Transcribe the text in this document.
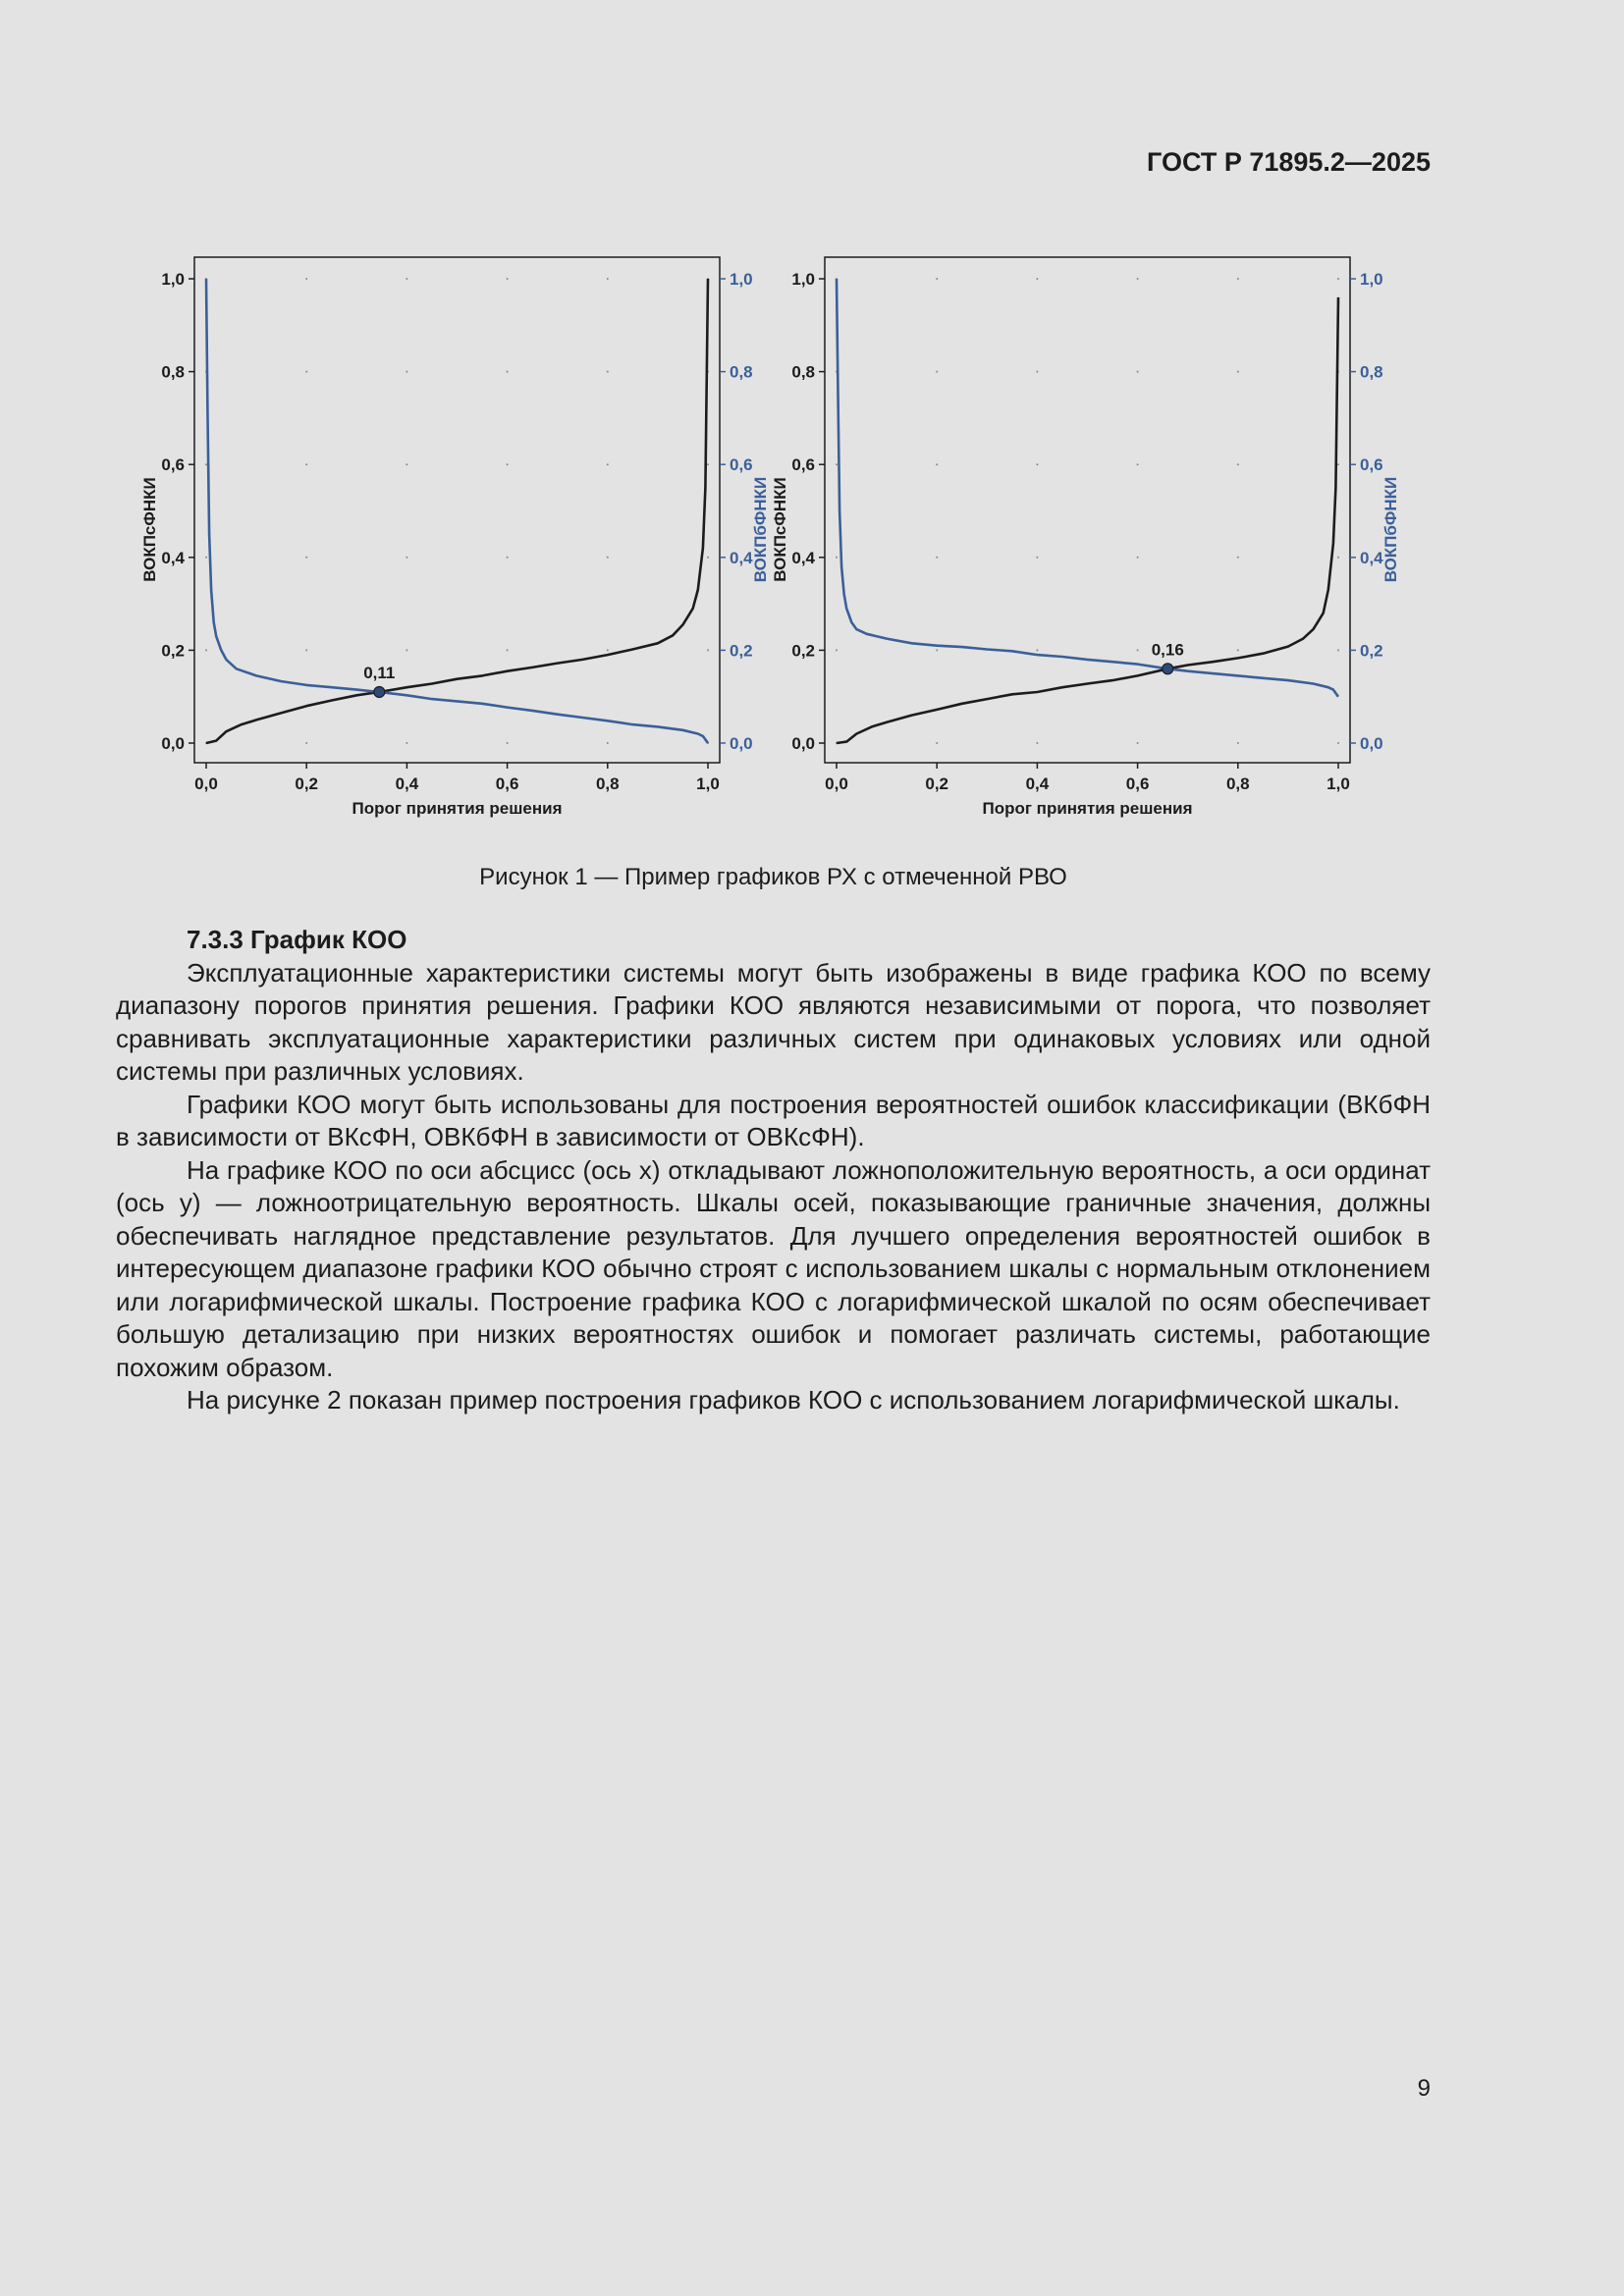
ГОСТ Р 71895.2—2025
0,0	0,0
0,2	0,2
0,4	0,4
0,6	0,6
0,8	0,8
1,0	1,0
0,0	0,2	0,4	0,6	0,8	1,0
Порог принятия решения
ВОКПсФНКИ	ВОКПбФНКИ
0,11
0,0	0,0
0,2	0,2
0,4	0,4
0,6	0,6
0,8	0,8
1,0	1,0
0,0	0,2	0,4	0,6	0,8	1,0
Порог принятия решения
ВОКПсФНКИ	ВОКПбФНКИ
0,16
Рисунок 1 — Пример графиков РХ с отмеченной РВО
7.3.3 График КОО

Эксплуатационные характеристики системы могут быть изображены в виде графика КОО по всему диапазону порогов принятия решения. Графики КОО являются независимыми от порога, что позволяет сравнивать эксплуатационные характеристики различных систем при одинаковых условиях или одной системы при различных условиях.

Графики КОО могут быть использованы для построения вероятностей ошибок классификации (ВКбФН в зависимости от ВКсФН, ОВКбФН в зависимости от ОВКсФН).

На графике КОО по оси абсцисс (ось x) откладывают ложноположительную вероятность, а оси ординат (ось y) — ложноотрицательную вероятность. Шкалы осей, показывающие граничные значения, должны обеспечивать наглядное представление результатов. Для лучшего определения вероятностей ошибок в интересующем диапазоне графики КОО обычно строят с использованием шкалы с нормальным отклонением или логарифмической шкалы. Построение графика КОО с логарифмической шкалой по осям обеспечивает большую детализацию при низких вероятностях ошибок и помогает различать системы, работающие похожим образом.

На рисунке 2 показан пример построения графиков КОО с использованием логарифмической шкалы.

9
